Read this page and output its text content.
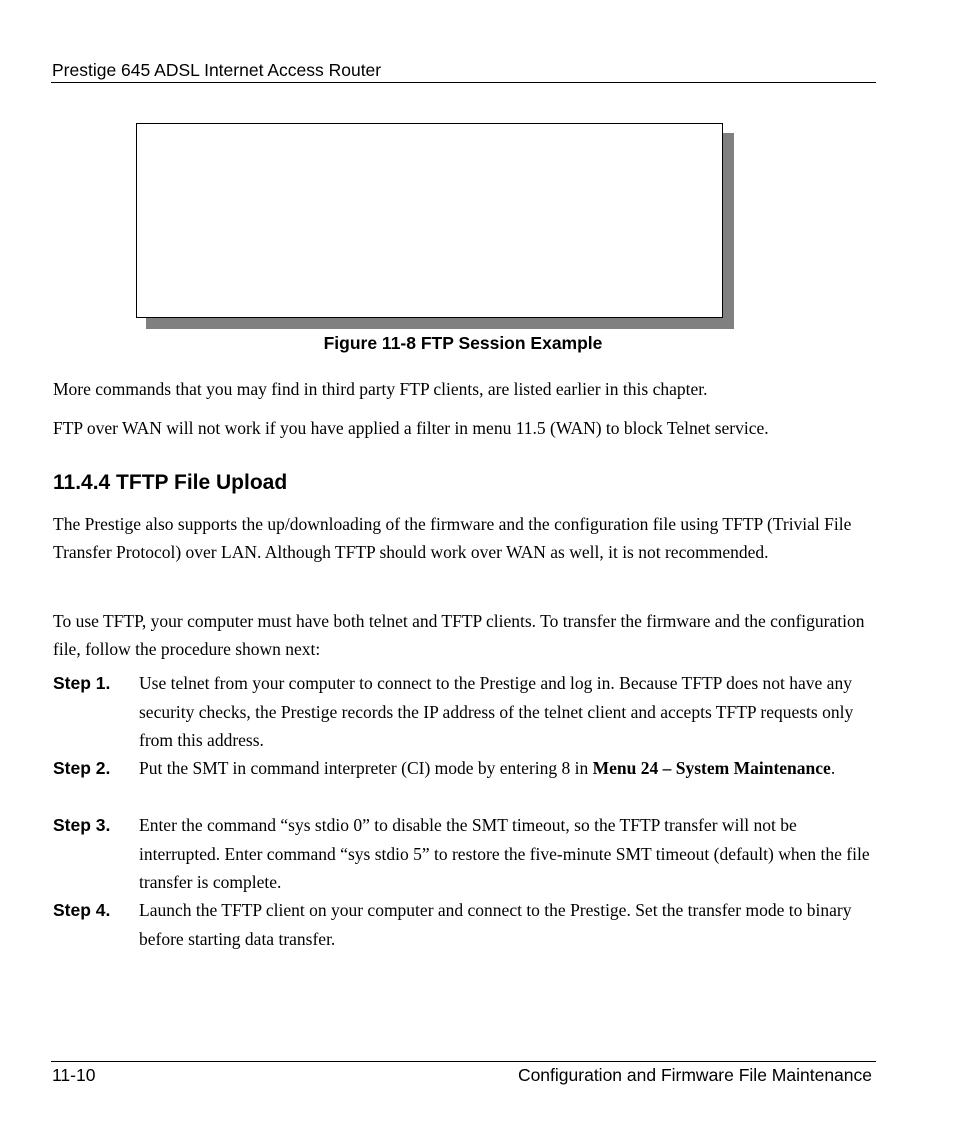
Prestige 645 ADSL Internet Access Router
Figure 11-8 FTP Session Example

More commands that you may find in third party FTP clients, are listed earlier in this chapter.

FTP over WAN will not work if you have applied a filter in menu 11.5 (WAN) to block Telnet service.

11.4.4 TFTP File Upload

The Prestige also supports the up/downloading of the firmware and the configuration file using TFTP (Trivial File Transfer Protocol) over LAN. Although TFTP should work over WAN as well, it is not recommended.

To use TFTP, your computer must have both telnet and TFTP clients. To transfer the firmware and the configuration file, follow the procedure shown next:

Step 1. Use telnet from your computer to connect to the Prestige and log in. Because TFTP does not have any security checks, the Prestige records the IP address of the telnet client and accepts TFTP requests only from this address.
Step 2. Put the SMT in command interpreter (CI) mode by entering 8 in Menu 24 – System Maintenance.
Step 3. Enter the command “sys stdio 0” to disable the SMT timeout, so the TFTP transfer will not be interrupted. Enter command “sys stdio 5” to restore the five-minute SMT timeout (default) when the file transfer is complete.
Step 4. Launch the TFTP client on your computer and connect to the Prestige. Set the transfer mode to binary before starting data transfer.
11-10	Configuration and Firmware File Maintenance
